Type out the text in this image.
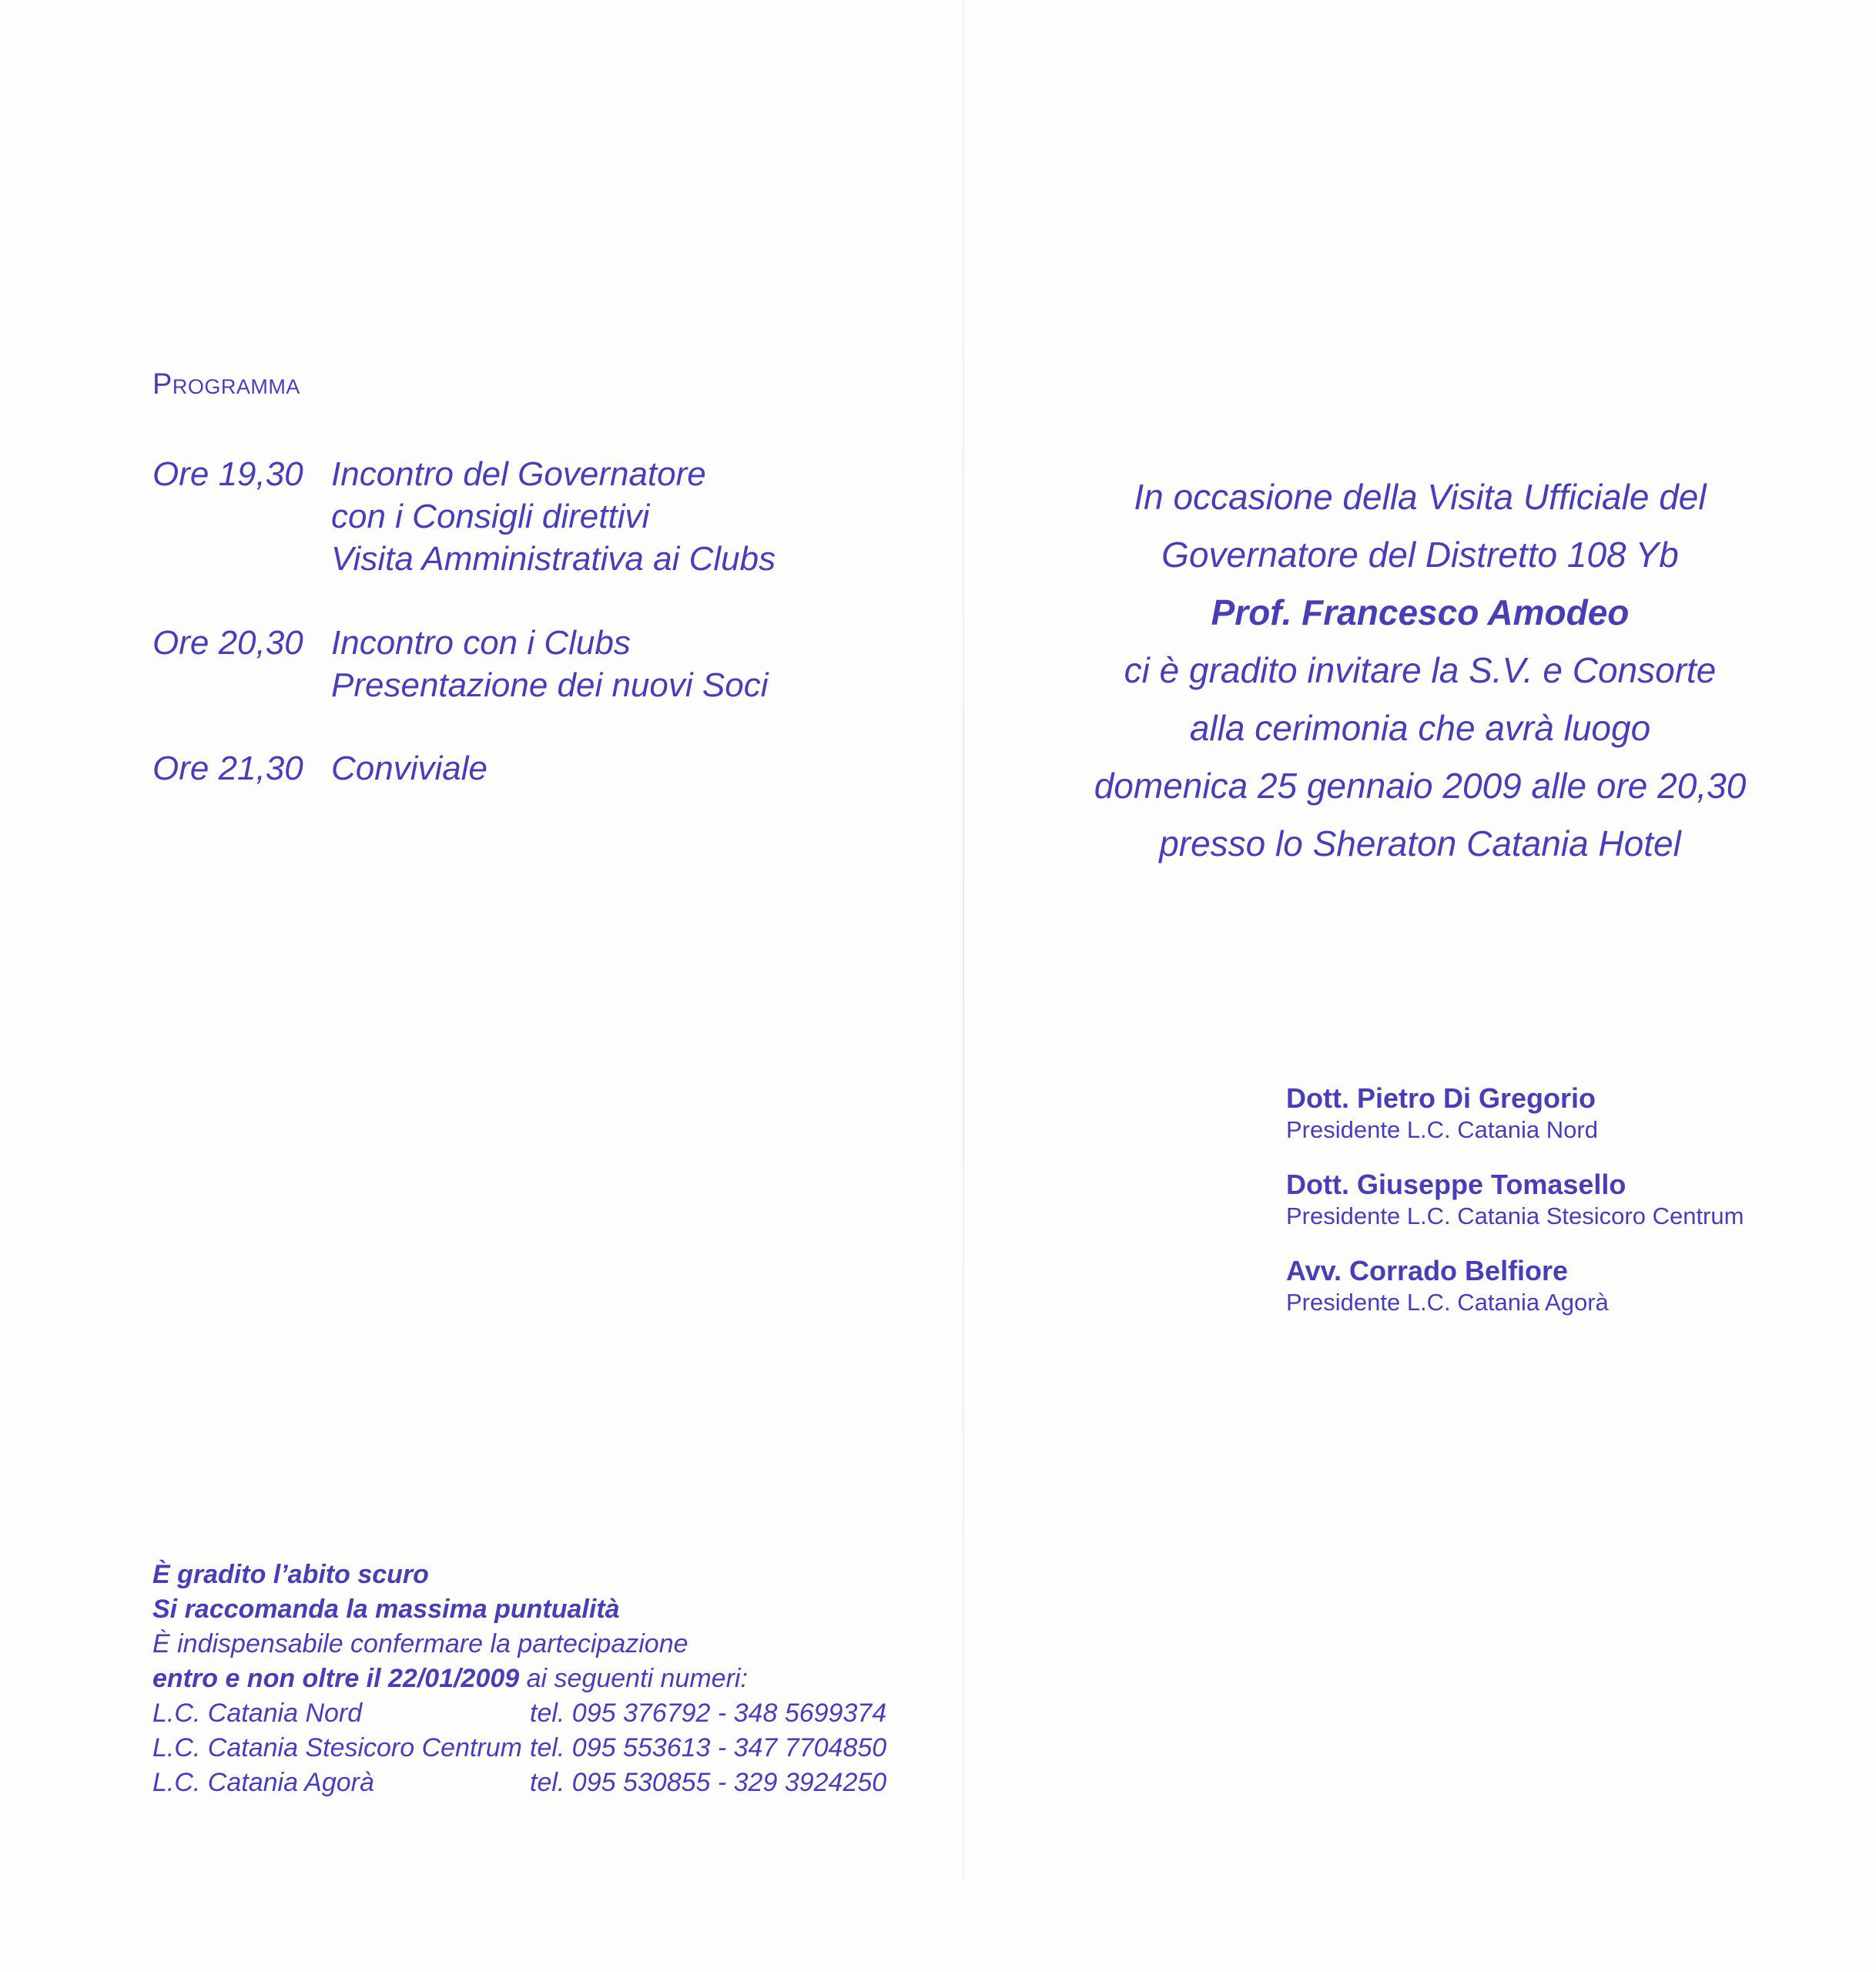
Programma
Ore 19,30 Incontro del Governatore
con i Consigli direttivi
Visita Amministrativa ai Clubs
Ore 20,30 Incontro con i Clubs
Presentazione dei nuovi Soci
Ore 21,30 Conviviale
È gradito l’abito scuro
Si raccomanda la massima puntualità
È indispensabile confermare la partecipazione
entro e non oltre il 22/01/2009 ai seguenti numeri:
L.C. Catania Nord	tel. 095 376792 - 348 5699374
L.C. Catania Stesicoro Centrum tel. 095 553613 - 347 7704850
L.C. Catania Agorà	tel. 095 530855 - 329 3924250
In occasione della Visita Ufficiale del
Governatore del Distretto 108 Yb
Prof. Francesco Amodeo
ci è gradito invitare la S.V. e Consorte
alla cerimonia che avrà luogo
domenica 25 gennaio 2009 alle ore 20,30
presso lo Sheraton Catania Hotel
Dott. Pietro Di Gregorio
Presidente L.C. Catania Nord
Dott. Giuseppe Tomasello
Presidente L.C. Catania Stesicoro Centrum
Avv. Corrado Belfiore
Presidente L.C. Catania Agorà
